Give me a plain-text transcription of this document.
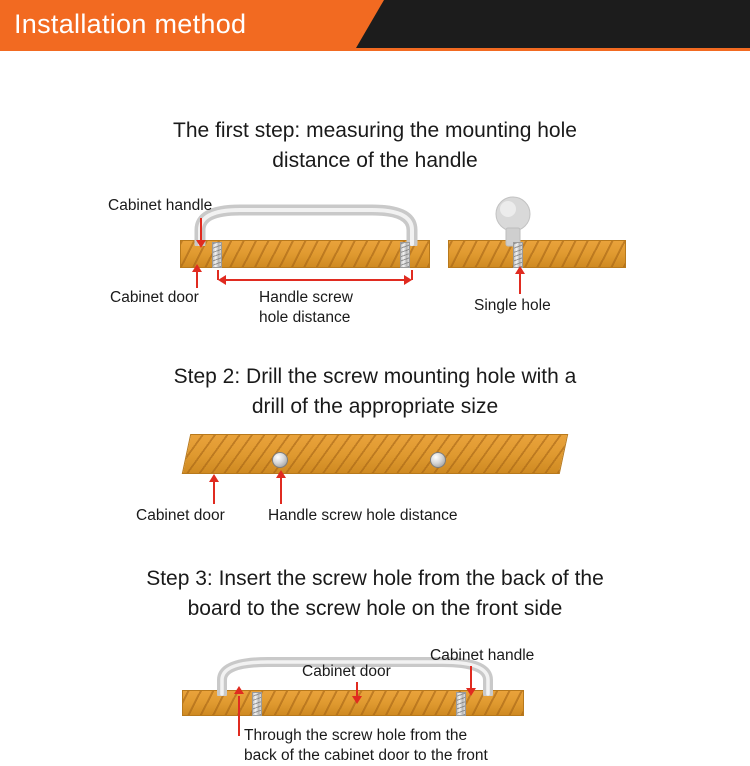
Installation method
The first step: measuring the mounting hole
distance of the handle
Cabinet handle
Cabinet door	Handle screw
hole distance
Single hole
Step 2: Drill the screw mounting hole with a
drill of the appropriate size
Cabinet door	Handle screw hole distance
Step 3: Insert the screw hole from the back of the
board to the screw hole on the front side
Cabinet door
Cabinet handle
Through the screw hole from the
back of the cabinet door to the front
